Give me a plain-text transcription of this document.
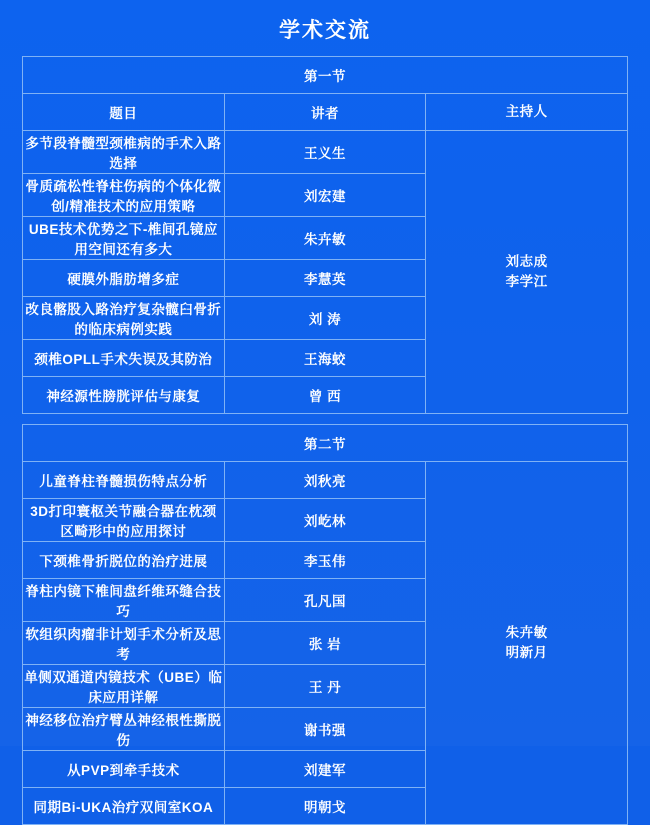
学术交流
第一节		
题目	讲者	主持人
多节段脊髓型颈椎病的手术入路选择	王义生	刘志成
李学江

骨质疏松性脊柱伤病的个体化微创/精准技术的应用策略	刘宏建	
UBE技术优势之下-椎间孔镜应用空间还有多大	朱卉敏	
硬膜外脂肪增多症	李慧英	
改良髂股入路治疗复杂髋臼骨折的临床病例实践	刘 涛	
颈椎OPLL手术失误及其防治	王海蛟	
神经源性膀胱评估与康复	曾 西	
第二节		
儿童脊柱脊髓损伤特点分析	刘秋亮	朱卉敏
明新月

3D打印寰枢关节融合器在枕颈区畸形中的应用探讨	刘屹林	
下颈椎骨折脱位的治疗进展	李玉伟	
脊柱内镜下椎间盘纤维环缝合技巧	孔凡国	
软组织肉瘤非计划手术分析及思考	张 岩	
单侧双通道内镜技术（UBE）临床应用详解	王 丹	
神经移位治疗臂丛神经根性撕脱伤	谢书强	
从PVP到牵手技术	刘建军	
同期Bi-UKA治疗双间室KOA	明朝戈	
